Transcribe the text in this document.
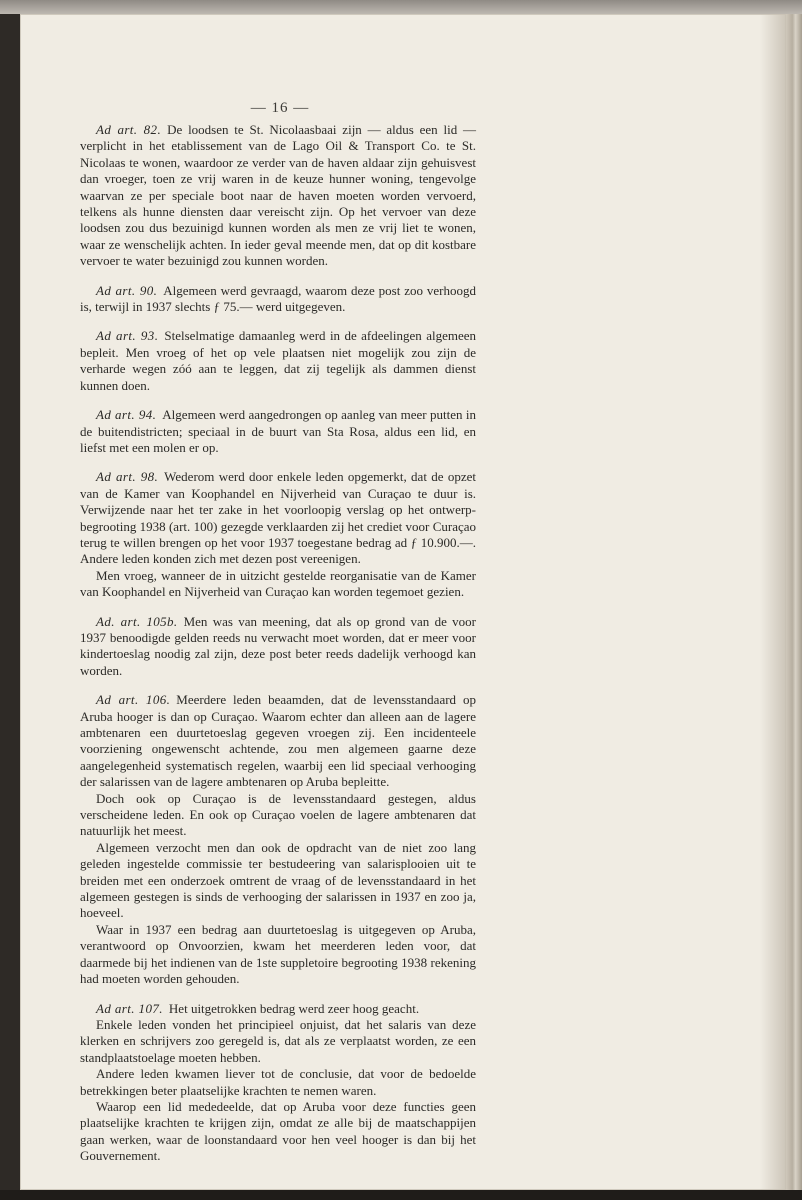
— 16 —

Ad art. 82. De loodsen te St. Nicolaasbaai zijn — aldus een lid — verplicht in het etablissement van de Lago Oil & Transport Co. te St. Nicolaas te wonen, waardoor ze verder van de haven aldaar zijn gehuisvest dan vroeger, toen ze vrij waren in de keuze hunner woning, tengevolge waarvan ze per speciale boot naar de haven moeten worden vervoerd, telkens als hunne diensten daar vereischt zijn. Op het vervoer van deze loodsen zou dus bezuinigd kunnen worden als men ze vrij liet te wonen, waar ze wenschelijk achten. In ieder geval meende men, dat op dit kostbare vervoer te water bezuinigd zou kunnen worden.

Ad art. 90. Algemeen werd gevraagd, waarom deze post zoo verhoogd is, terwijl in 1937 slechts ƒ 75.— werd uitgegeven.

Ad art. 93. Stelselmatige damaanleg werd in de afdeelingen algemeen bepleit. Men vroeg of het op vele plaatsen niet mogelijk zou zijn de verharde wegen zóó aan te leggen, dat zij tegelijk als dammen dienst kunnen doen.

Ad art. 94. Algemeen werd aangedrongen op aanleg van meer putten in de buitendistricten; speciaal in de buurt van Sta Rosa, aldus een lid, en liefst met een molen er op.

Ad art. 98. Wederom werd door enkele leden opgemerkt, dat de opzet van de Kamer van Koophandel en Nijverheid van Curaçao te duur is. Verwijzende naar het ter zake in het voorloopig verslag op het ontwerp-begrooting 1938 (art. 100) gezegde verklaarden zij het crediet voor Curaçao terug te willen brengen op het voor 1937 toegestane bedrag ad ƒ 10.900.—. Andere leden konden zich met dezen post vereenigen.

Men vroeg, wanneer de in uitzicht gestelde reorganisatie van de Kamer van Koophandel en Nijverheid van Curaçao kan worden tegemoet gezien.

Ad. art. 105b. Men was van meening, dat als op grond van de voor 1937 benoodigde gelden reeds nu verwacht moet worden, dat er meer voor kindertoeslag noodig zal zijn, deze post beter reeds dadelijk verhoogd kan worden.

Ad art. 106. Meerdere leden beaamden, dat de levensstandaard op Aruba hooger is dan op Curaçao. Waarom echter dan alleen aan de lagere ambtenaren een duurtetoeslag gegeven vroegen zij. Een incidenteele voorziening ongewenscht achtende, zou men algemeen gaarne deze aangelegenheid systematisch regelen, waarbij een lid speciaal verhooging der salarissen van de lagere ambtenaren op Aruba bepleitte.

Doch ook op Curaçao is de levensstandaard gestegen, aldus verscheidene leden. En ook op Curaçao voelen de lagere ambtenaren dat natuurlijk het meest.

Algemeen verzocht men dan ook de opdracht van de niet zoo lang geleden ingestelde commissie ter bestudeering van salarisplooien uit te breiden met een onderzoek omtrent de vraag of de levensstandaard in het algemeen gestegen is sinds de verhooging der salarissen in 1937 en zoo ja, hoeveel.

Waar in 1937 een bedrag aan duurtetoeslag is uitgegeven op Aruba, verantwoord op Onvoorzien, kwam het meerderen leden voor, dat daarmede bij het indienen van de 1ste suppletoire begrooting 1938 rekening had moeten worden gehouden.

Ad art. 107. Het uitgetrokken bedrag werd zeer hoog geacht.

Enkele leden vonden het principieel onjuist, dat het salaris van deze klerken en schrijvers zoo geregeld is, dat als ze verplaatst worden, ze een standplaatstoelage moeten hebben.

Andere leden kwamen liever tot de conclusie, dat voor de bedoelde betrekkingen beter plaatselijke krachten te nemen waren.

Waarop een lid mededeelde, dat op Aruba voor deze functies geen plaatselijke krachten te krijgen zijn, omdat ze alle bij de maatschappijen gaan werken, waar de loonstandaard voor hen veel hooger is dan bij het Gouvernement.
